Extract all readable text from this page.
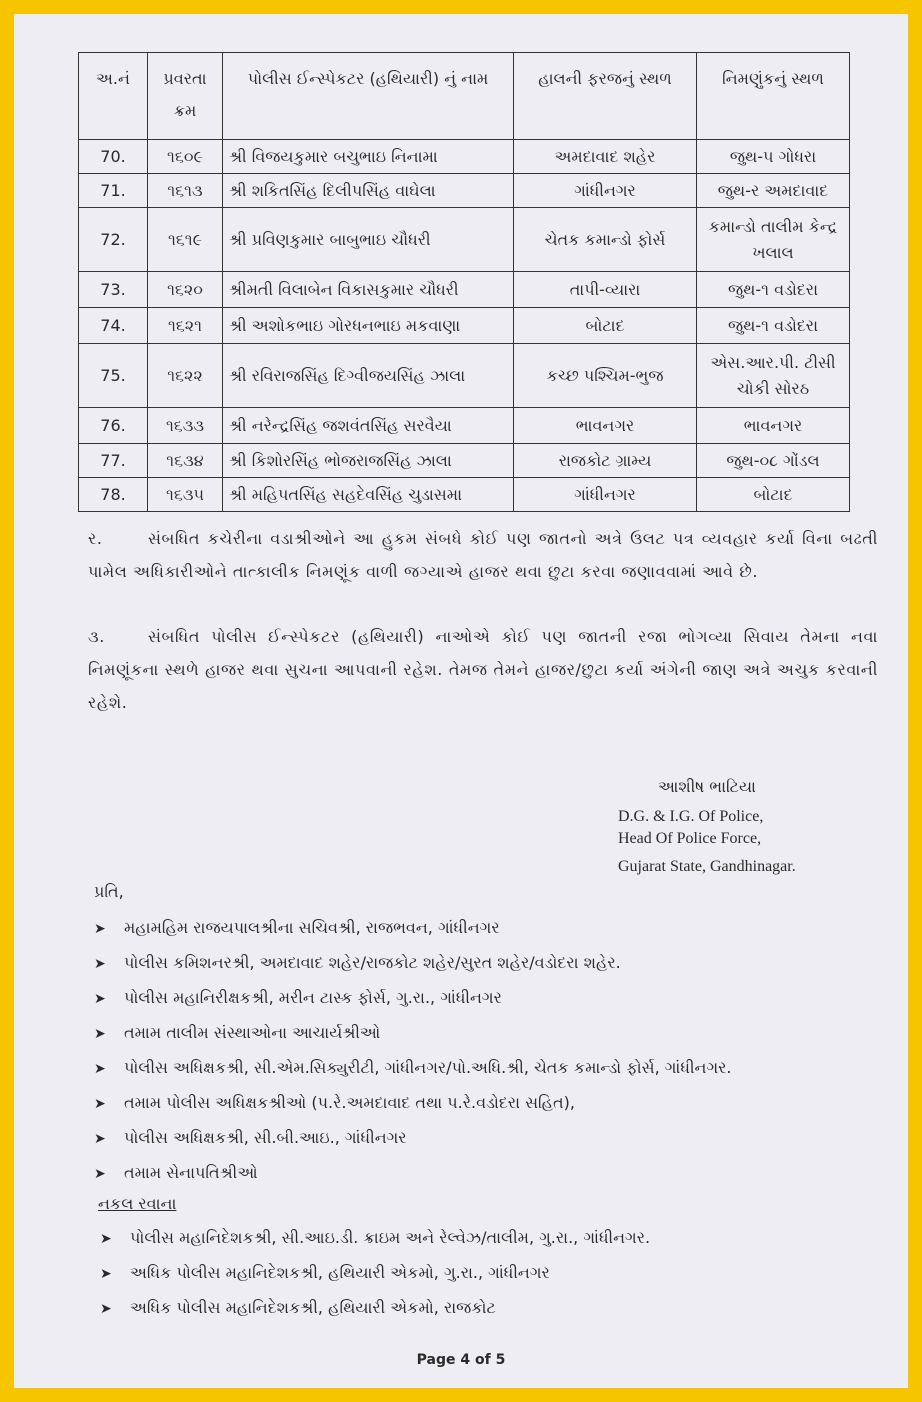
અ.નં	પ્રવરતા ક્રમ	પોલીસ ઈન્સ્પેકટર (હથિયારી) નું નામ	હાલની ફરજનું સ્થળ	નિમણુંકનું સ્થળ
70.	૧૬૦૯	શ્રી વિજયકુમાર બચુભાઇ નિનામા	અમદાવાદ શહેર	જુથ-૫ ગોધરા
71.	૧૬૧૩	શ્રી શકિતસિંહ દિલીપસિંહ વાઘેલા	ગાંધીનગર	જુથ-ર અમદાવાદ
72.	૧૬૧૯	શ્રી પ્રવિણકુમાર બાબુભાઇ ચૌધરી	ચેતક કમાન્ડો ફોર્સ	કમાન્ડો તાલીમ કેન્દ્ર ખલાલ
73.	૧૬૨૦	શ્રીમતી વિલાબેન વિકાસકુમાર ચૌધરી	તાપી-વ્યારા	જુથ-૧ વડોદરા
74.	૧૬૨૧	શ્રી અશોકભાઇ ગોરધનભાઇ મકવાણા	બોટાદ	જુથ-૧ વડોદરા
75.	૧૬૨૨	શ્રી રવિરાજસિંહ દિગ્વીજયસિંહ ઝાલા	કચ્છ પશ્ચિમ-ભુજ	એસ.આર.પી. ટીસી ચોકી સોરઠ
76.	૧૬૩૩	શ્રી નરેન્દ્રસિંહ જશવંતસિંહ સરવૈયા	ભાવનગર	ભાવનગર
77.	૧૬૩૪	શ્રી કિશોરસિંહ ભોજરાજસિંહ ઝાલા	રાજકોટ ગ્રામ્ય	જુથ-૦૮ ગોંડલ
78.	૧૬૩૫	શ્રી મહિપતસિંહ સહદેવસિંહ ચુડાસમા	ગાંધીનગર	બોટાદ
ર.	સંબધિત કચેરીના વડાશ્રીઓને આ હુકમ સંબધે કોઈ પણ જાતનો અત્રે ઉલટ પત્ર વ્યવહાર કર્યા વિના બઢતી પામેલ અધિકારીઓને તાત્કાલીક નિમણૂંક વાળી જગ્યાએ હાજર થવા છુટા કરવા જણાવવામાં આવે છે.
૩.	સંબધિત પોલીસ ઈન્સ્પેકટર (હથિયારી) નાઓએ કોઈ પણ જાતની રજા ભોગવ્યા સિવાય તેમના નવા નિમણૂંકના સ્થળે હાજર થવા સુચના આપવાની રહેશ. તેમજ તેમને હાજર/છુટા કર્યા અંગેની જાણ અત્રે અચુક કરવાની રહેશે.
આશીષ ભાટિયા
D.G. & I.G. Of Police,
Head Of Police Force,
Gujarat State, Gandhinagar.
પ્રતિ,
➤ મહામહિમ રાજયપાલશ્રીના સચિવશ્રી, રાજભવન, ગાંધીનગર
➤ પોલીસ કમિશનરશ્રી, અમદાવાદ શહેર/રાજકોટ શહેર/સુરત શહેર/વડોદરા શહેર.
➤ પોલીસ મહાનિરીક્ષકશ્રી, મરીન ટાસ્ક ફોર્સ, ગુ.રા., ગાંધીનગર
➤ તમામ તાલીમ સંસ્થાઓના આચાર્યશ્રીઓ
➤ પોલીસ અધિક્ષકશ્રી, સી.એમ.સિક્યુરીટી, ગાંધીનગર/પો.અધિ.શ્રી, ચેતક કમાન્ડો ફોર્સ, ગાંધીનગર.
➤ તમામ પોલીસ અધિક્ષકશ્રીઓ (પ.રે.અમદાવાદ તથા પ.રે.વડોદરા સહિત),
➤ પોલીસ અધિક્ષકશ્રી, સી.બી.આઇ., ગાંધીનગર
➤ તમામ સેનાપતિશ્રીઓ
નકલ રવાના
➤ પોલીસ મહાનિદેશકશ્રી, સી.આઇ.ડી. ક્રાઇમ અને રેલ્વેઝ/તાલીમ, ગુ.રા., ગાંધીનગર.
➤ અધિક પોલીસ મહાનિદેશકશ્રી, હથિયારી એકમો, ગુ.રા., ગાંધીનગર
➤ અધિક પોલીસ મહાનિદેશકશ્રી, હથિયારી એકમો, રાજકોટ
Page 4 of 5
